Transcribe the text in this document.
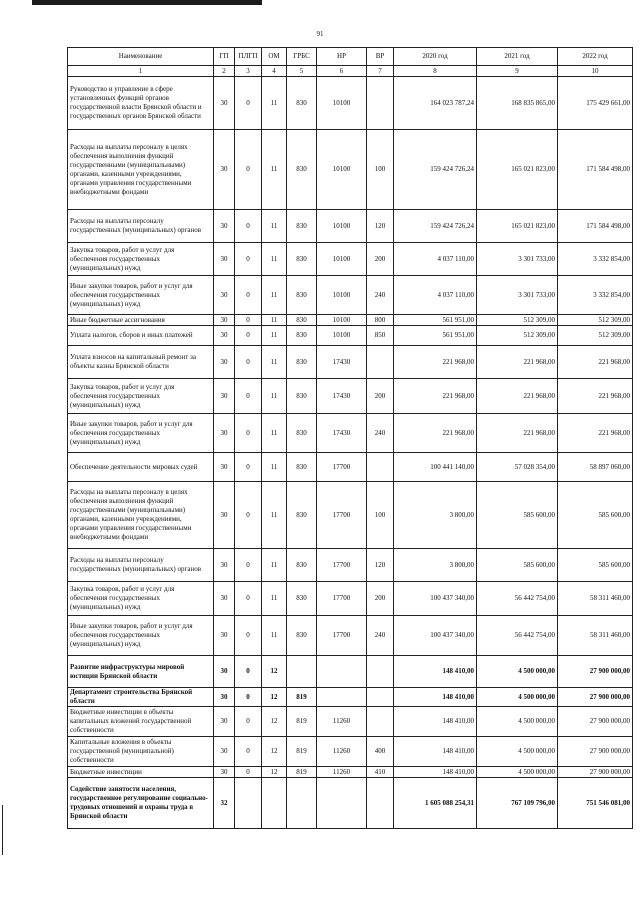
91
Наименование	ГП	ПЛГП	ОМ	ГРБС	НР	ВР	2020 год	2021 год	2022 год
1	2	3	4	5	6	7	8	9	10
Руководство и управление в сфере установленных функций органов государственной власти Брянской области и государственных органов Брянской области	30	0	11	830	10100		164 023 787,24	168 835 865,00	175 429 661,00
Расходы на выплаты персоналу в целях обеспечения выполнения функций государственными (муниципальными) органами, казенными учреждениями, органами управления государственными внебюджетными фондами	30	0	11	830	10100	100	159 424 726,24	165 021 823,00	171 584 498,00
Расходы на выплаты персоналу государственных (муниципальных) органов	30	0	11	830	10100	120	159 424 726,24	165 021 823,00	171 584 498,00
Закупка товаров, работ и услуг для обеспечения государственных (муниципальных) нужд	30	0	11	830	10100	200	4 037 110,00	3 301 733,00	3 332 854,00
Иные закупки товаров, работ и услуг для обеспечения государственных (муниципальных) нужд	30	0	11	830	10100	240	4 037 110,00	3 301 733,00	3 332 854,00
Иные бюджетные ассигнования	30	0	11	830	10100	800	561 951,00	512 309,00	512 309,00
Уплата налогов, сборов и иных платежей	30	0	11	830	10100	850	561 951,00	512 309,00	512 309,00
Уплата взносов на капитальный ремонт за объекты казны Брянской области	30	0	11	830	17430		221 968,00	221 968,00	221 968,00
Закупка товаров, работ и услуг для обеспечения государственных (муниципальных) нужд	30	0	11	830	17430	200	221 968,00	221 968,00	221 968,00
Иные закупки товаров, работ и услуг для обеспечения государственных (муниципальных) нужд	30	0	11	830	17430	240	221 968,00	221 968,00	221 968,00
Обеспечение деятельности мировых судей	30	0	11	830	17700		100 441 140,00	57 028 354,00	58 897 060,00
Расходы на выплаты персоналу в целях обеспечения выполнения функций государственными (муниципальными) органами, казенными учреждениями, органами управления государственными внебюджетными фондами	30	0	11	830	17700	100	3 800,00	585 600,00	585 600,00
Расходы на выплаты персоналу государственных (муниципальных) органов	30	0	11	830	17700	120	3 800,00	585 600,00	585 600,00
Закупка товаров, работ и услуг для обеспечения государственных (муниципальных) нужд	30	0	11	830	17700	200	100 437 340,00	56 442 754,00	58 311 460,00
Иные закупки товаров, работ и услуг для обеспечения государственных (муниципальных) нужд	30	0	11	830	17700	240	100 437 340,00	56 442 754,00	58 311 460,00
Развитие инфраструктуры мировой юстиции Брянской области	30	0	12				148 410,00	4 500 000,00	27 900 000,00
Департамент строительства Брянской области	30	0	12	819			148 410,00	4 500 000,00	27 900 000,00
Бюджетные инвестиции в объекты капитальных вложений государственной собственности	30	0	12	819	11260		148 410,00	4 500 000,00	27 900 000,00
Капитальные вложения в объекты государственной (муниципальной) собственности	30	0	12	819	11260	400	148 410,00	4 500 000,00	27 900 000,00
Бюджетные инвестиции	30	0	12	819	11260	410	148 410,00	4 500 000,00	27 900 000,00
Содействие занятости населения, государственное регулирование социально-трудовых отношений и охраны труда в Брянской области	32						1 605 088 254,31	767 109 796,00	751 546 081,00
